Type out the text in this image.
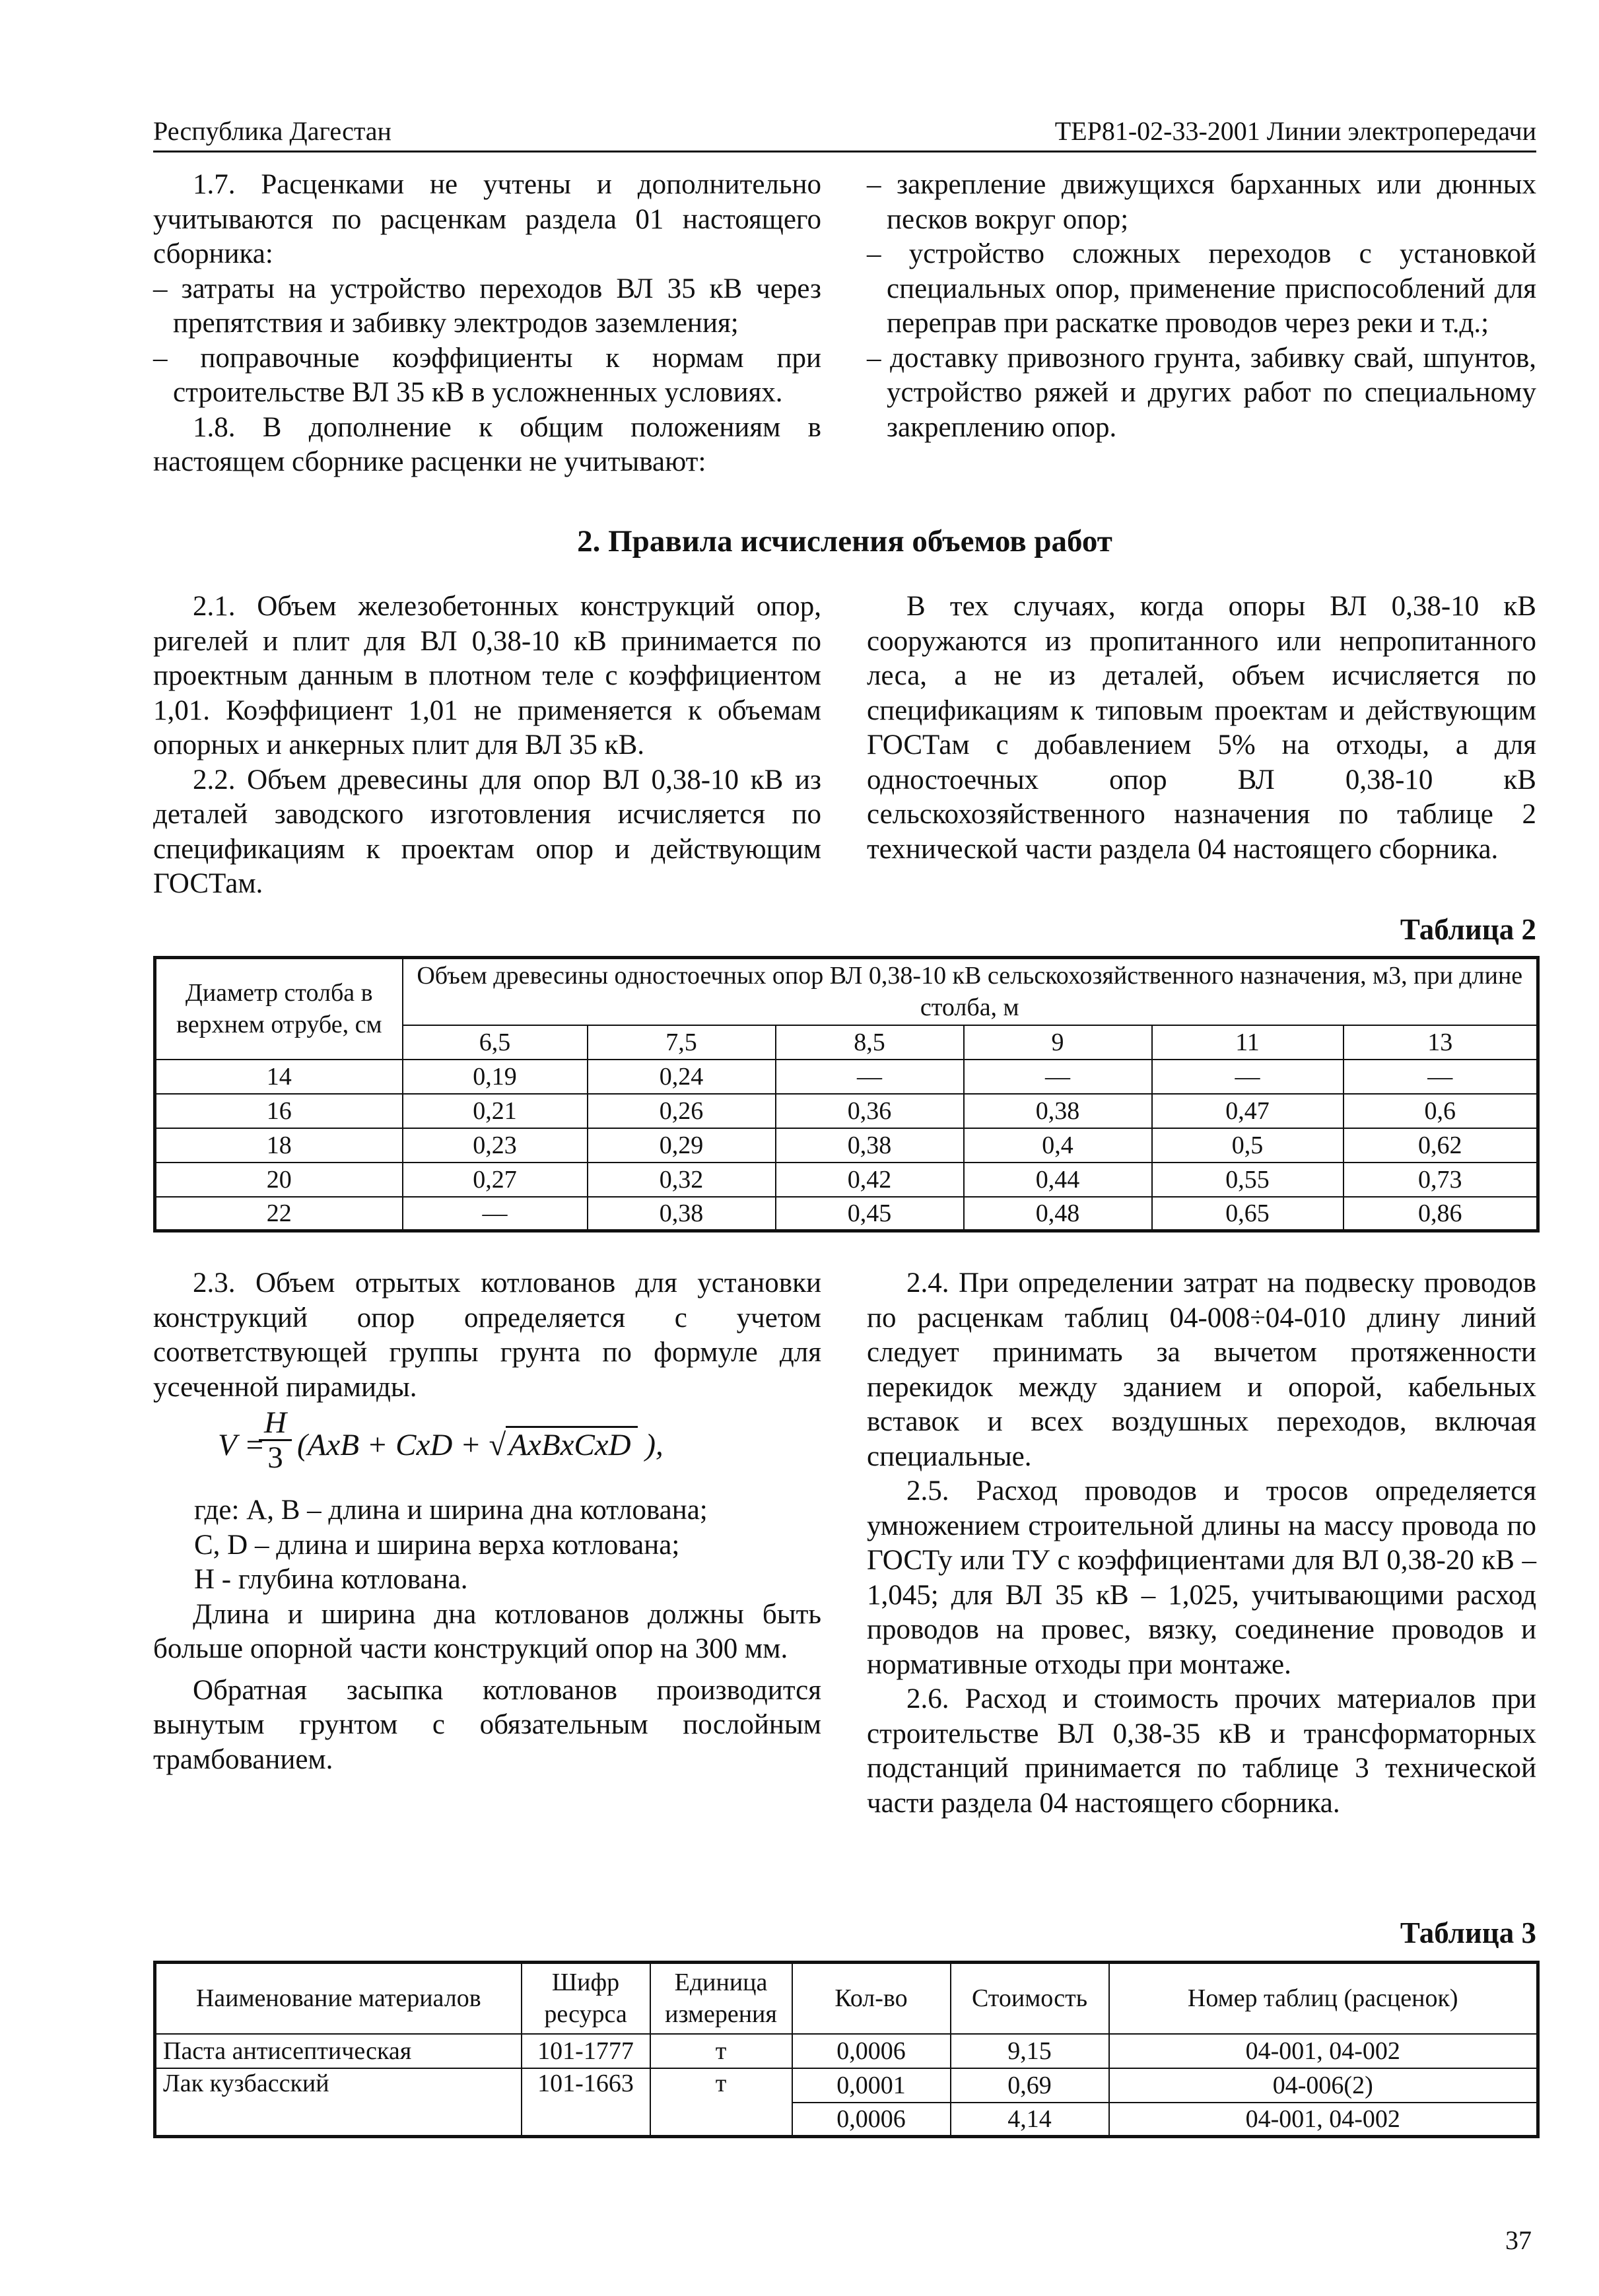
Республика Дагестан	ТЕР81-02-33-2001 Линии электропередачи

1.7. Расценками не учтены и дополнительно учитываются по расценкам раздела 01 настоящего сборника:

– затраты на устройство переходов ВЛ 35 кВ через препятствия и забивку электродов заземления;

– поправочные коэффициенты к нормам при строительстве ВЛ 35 кВ в усложненных условиях.

1.8. В дополнение к общим положениям в настоящем сборнике расценки не учитывают:

– закрепление движущихся барханных или дюнных песков вокруг опор;

– устройство сложных переходов с установкой специальных опор, применение приспособлений для переправ при раскатке проводов через реки и т.д.;

– доставку привозного грунта, забивку свай, шпунтов, устройство ряжей и других работ по специальному закреплению опор.

2. Правила исчисления объемов работ

2.1. Объем железобетонных конструкций опор, ригелей и плит для ВЛ 0,38-10 кВ принимается по проектным данным в плотном теле с коэффициентом 1,01. Коэффициент 1,01 не применяется к объемам опорных и анкерных плит для ВЛ 35 кВ.

2.2. Объем древесины для опор ВЛ 0,38-10 кВ из деталей заводского изготовления исчисляется по спецификациям к проектам опор и действующим ГОСТам.

В тех случаях, когда опоры ВЛ 0,38-10 кВ сооружаются из пропитанного или непропитанного леса, а не из деталей, объем исчисляется по спецификациям к типовым проектам и действующим ГОСТам с добавлением 5% на отходы, а для одностоечных опор ВЛ 0,38-10 кВ сельскохозяйственного назначения по таблице 2 технической части раздела 04 настоящего сборника.

Таблица 2
Диаметр столба в верхнем отрубе, см	Объем древесины одностоечных опор ВЛ 0,38-10 кВ сельскохозяйственного назначения, м3, при длине столба, м					
	6,5	7,5	8,5	9	11	13
14	0,19	0,24	—	—	—	—
16	0,21	0,26	0,36	0,38	0,47	0,6
18	0,23	0,29	0,38	0,4	0,5	0,62
20	0,27	0,32	0,42	0,44	0,55	0,73
22	—	0,38	0,45	0,48	0,65	0,86

2.3. Объем отрытых котлованов для установки конструкций опор определяется с учетом соответствующей группы грунта по формуле для усеченной пирамиды.

V =
H
3 (AxB + CxD + √AxBxCxD ),

где: А, В – длина и ширина дна котлована;

С, D – длина и ширина верха котлована;

Н - глубина котлована.

Длина и ширина дна котлованов должны быть больше опорной части конструкций опор на 300 мм.

Обратная засыпка котлованов производится вынутым грунтом с обязательным послойным трамбованием.

2.4. При определении затрат на подвеску проводов по расценкам таблиц 04-008÷04-010 длину линий следует принимать за вычетом протяженности перекидок между зданием и опорой, кабельных вставок и всех воздушных переходов, включая специальные.

2.5. Расход проводов и тросов определяется умножением строительной длины на массу провода по ГОСТу или ТУ с коэффициентами для ВЛ 0,38-20 кВ – 1,045; для ВЛ 35 кВ – 1,025, учитывающими расход проводов на провес, вязку, соединение проводов и нормативные отходы при монтаже.

2.6. Расход и стоимость прочих материалов при строительстве ВЛ 0,38-35 кВ и трансформаторных подстанций принимается по таблице 3 технической части раздела 04 настоящего сборника.

Таблица 3
Наименование материалов	Шифр ресурса	Единица измерения	Кол-во	Стоимость	Номер таблиц (расценок)
Паста антисептическая	101-1777	т	0,0006	9,15	04-001, 04-002
Лак кузбасский	101-1663	т	0,0001	0,69	04-006(2)
			0,0006	4,14	04-001, 04-002
37
